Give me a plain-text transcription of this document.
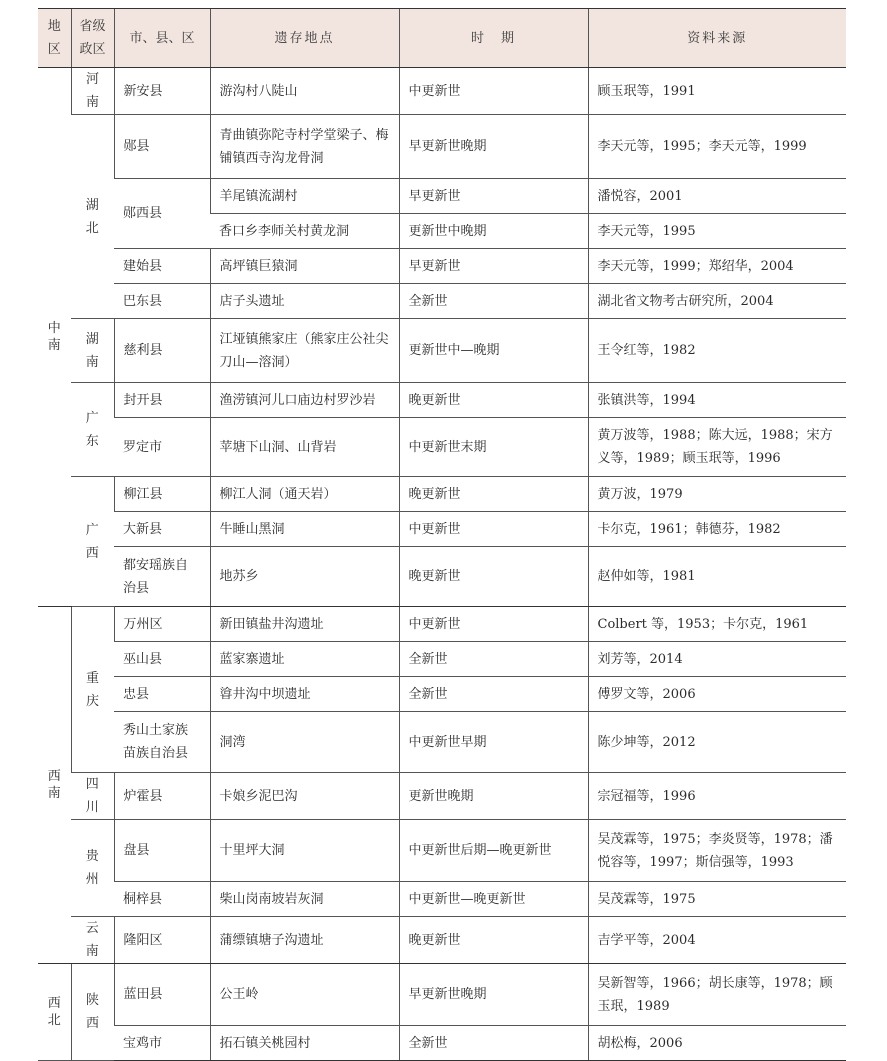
地区	省级政区	市、县、区	遗存地点	时　期	资料来源

中南	河南	新安县	游沟村八陡山	中更新世	顾玉珉等，1991
	湖北	郧县	青曲镇弥陀寺村学堂梁子、梅铺镇西寺沟龙骨洞	早更新世晚期	李天元等，1995；李天元等，1999
		郧西县	羊尾镇流湖村	早更新世	潘悦容，2001
			香口乡李师关村黄龙洞	更新世中晚期	李天元等，1995
		建始县	高坪镇巨猿洞	早更新世	李天元等，1999；郑绍华，2004
		巴东县	店子头遗址	全新世	湖北省文物考古研究所，2004
	湖南	慈利县	江垭镇熊家庄（熊家庄公社尖刀山—溶洞）	更新世中—晚期	王令红等，1982
	广东	封开县	渔涝镇河儿口庙边村罗沙岩	晚更新世	张镇洪等，1994
		罗定市	苹塘下山洞、山背岩	中更新世末期	黄万波等，1988；陈大远，1988；宋方义等，1989；顾玉珉等，1996
	广西	柳江县	柳江人洞（通天岩）	晚更新世	黄万波，1979
		大新县	牛睡山黑洞	中更新世	卡尔克，1961；韩德芬，1982
		都安瑶族自治县	地苏乡	晚更新世	赵仲如等，1981

西南	重庆	万州区	新田镇盐井沟遗址	中更新世	Colbert 等，1953；卡尔克，1961
		巫山县	蓝家寨遗址	全新世	刘芳等，2014
		忠县	㽏井沟中坝遗址	全新世	傅罗文等，2006
		秀山土家族苗族自治县	洞湾	中更新世早期	陈少坤等，2012
	四川	炉霍县	卡娘乡泥巴沟	更新世晚期	宗冠福等，1996
	贵州	盘县	十里坪大洞	中更新世后期—晚更新世	吴茂霖等，1975；李炎贤等，1978；潘悦容等，1997；斯信强等，1993
		桐梓县	柴山岗南坡岩灰洞	中更新世—晚更新世	吴茂霖等，1975
	云南	隆阳区	蒲缥镇塘子沟遗址	晚更新世	吉学平等，2004

西北	陕西	蓝田县	公王岭	早更新世晚期	吴新智等，1966；胡长康等，1978；顾玉珉，1989
		宝鸡市	拓石镇关桃园村	全新世	胡松梅，2006
